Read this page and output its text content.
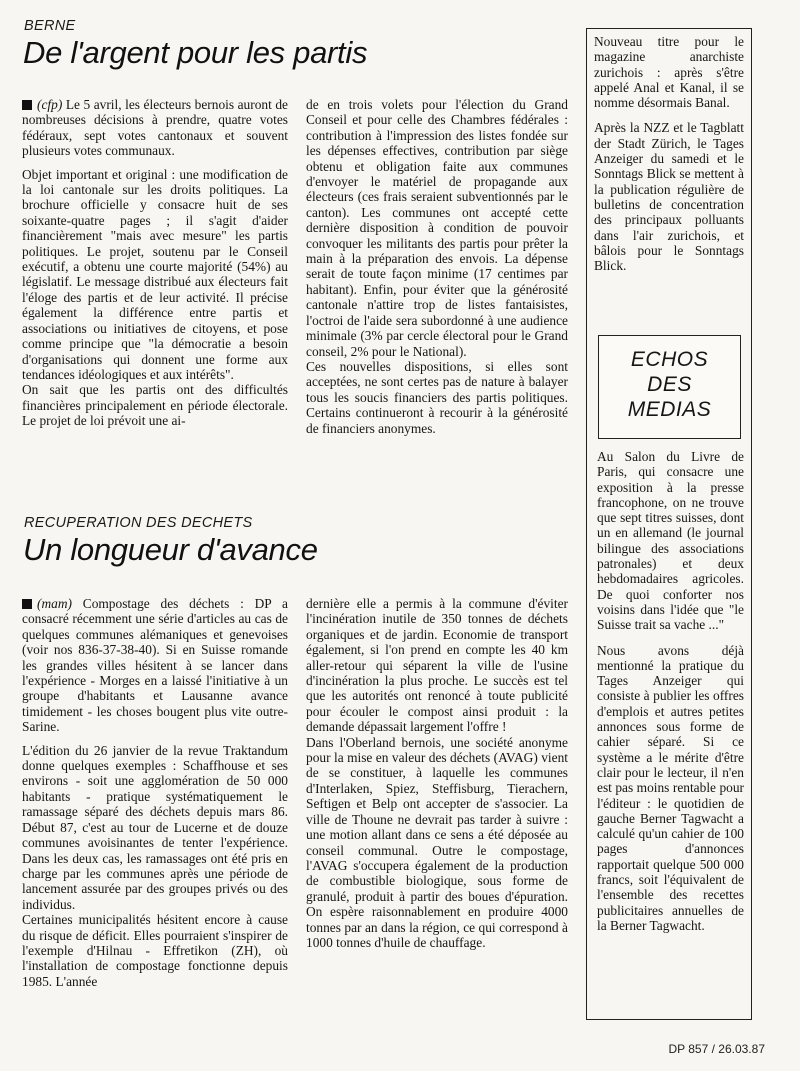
BERNE
De l'argent pour les partis

(cfp) Le 5 avril, les électeurs bernois auront de nombreuses décisions à prendre, quatre votes fédéraux, sept votes cantonaux et souvent plusieurs votes communaux.

Objet important et original : une modification de la loi cantonale sur les droits politiques. La brochure officielle y consacre huit de ses soixante-quatre pages ; il s'agit d'aider financièrement "mais avec mesure" les partis politiques. Le projet, soutenu par le Conseil exécutif, a obtenu une courte majorité (54%) au législatif. Le message distribué aux électeurs fait l'éloge des partis et de leur activité. Il précise également la différence entre partis et associations ou initiatives de citoyens, et pose comme principe que "la démocratie a besoin d'organisations qui donnent une forme aux tendances idéologiques et aux intérêts".

On sait que les partis ont des difficultés financières principalement en période électorale. Le projet de loi prévoit une ai-

de en trois volets pour l'élection du Grand Conseil et pour celle des Chambres fédérales : contribution à l'impression des listes fondée sur les dépenses effectives, contribution par siège obtenu et obligation faite aux communes d'envoyer le matériel de propagande aux électeurs (ces frais seraient subventionnés par le canton). Les communes ont accepté cette dernière disposition à condition de pouvoir convoquer les militants des partis pour prêter la main à la préparation des envois. La dépense serait de toute façon minime (17 centimes par habitant). Enfin, pour éviter que la générosité cantonale n'attire trop de listes fantaisistes, l'octroi de l'aide sera subordonné à une audience minimale (3% par cercle électoral pour le Grand conseil, 2% pour le National).

Ces nouvelles dispositions, si elles sont acceptées, ne sont certes pas de nature à balayer tous les soucis financiers des partis politiques. Certains continueront à recourir à la générosité de financiers anonymes.

RECUPERATION DES DECHETS
Un longueur d'avance

(mam) Compostage des déchets : DP a consacré récemment une série d'articles au cas de quelques communes alémaniques et genevoises (voir nos 836-37-38-40). Si en Suisse romande les grandes villes hésitent à se lancer dans l'expérience - Morges en a laissé l'initiative à un groupe d'habitants et Lausanne avance timidement - les choses bougent plus vite outre-Sarine.

L'édition du 26 janvier de la revue Traktandum donne quelques exemples : Schaffhouse et ses environs - soit une agglomération de 50 000 habitants - pratique systématiquement le ramassage séparé des déchets depuis mars 86. Début 87, c'est au tour de Lucerne et de douze communes avoisinantes de tenter l'expérience. Dans les deux cas, les ramassages ont été pris en charge par les communes après une période de lancement assurée par des groupes privés ou des individus.

Certaines municipalités hésitent encore à cause du risque de déficit. Elles pourraient s'inspirer de l'exemple d'Hilnau - Effretikon (ZH), où l'installation de compostage fonctionne depuis 1985. L'année

dernière elle a permis à la commune d'éviter l'incinération inutile de 350 tonnes de déchets organiques et de jardin. Economie de transport également, si l'on prend en compte les 40 km aller-retour qui séparent la ville de l'usine d'incinération la plus proche. Le succès est tel que les autorités ont renoncé à toute publicité pour écouler le compost ainsi produit : la demande dépassait largement l'offre !

Dans l'Oberland bernois, une société anonyme pour la mise en valeur des déchets (AVAG) vient de se constituer, à laquelle les communes d'Interlaken, Spiez, Steffisburg, Tierachern, Seftigen et Belp ont accepter de s'associer. La ville de Thoune ne devrait pas tarder à suivre : une motion allant dans ce sens a été déposée au conseil communal. Outre le compostage, l'AVAG s'occupera également de la production de combustible biologique, sous forme de granulé, produit à partir des boues d'épuration. On espère raisonnablement en produire 4000 tonnes par an dans la région, ce qui correspond à 1000 tonnes d'huile de chauffage.

Nouveau titre pour le magazine anarchiste zurichois : après s'être appelé Anal et Kanal, il se nomme désormais Banal.

Après la NZZ et le Tagblatt der Stadt Zürich, le Tages Anzeiger du samedi et le Sonntags Blick se mettent à la publication régulière de bulletins de concentration des principaux polluants dans l'air zurichois, et bâlois pour le Sonntags Blick.

ECHOS
DES
MEDIAS

Au Salon du Livre de Paris, qui consacre une exposition à la presse francophone, on ne trouve que sept titres suisses, dont un en allemand (le journal bilingue des associations patronales) et deux hebdomadaires agricoles. De quoi conforter nos voisins dans l'idée que "le Suisse trait sa vache ..."

Nous avons déjà mentionné la pratique du Tages Anzeiger qui consiste à publier les offres d'emplois et autres petites annonces sous forme de cahier séparé. Si ce système a le mérite d'être clair pour le lecteur, il n'en est pas moins rentable pour l'éditeur : le quotidien de gauche Berner Tagwacht a calculé qu'un cahier de 100 pages d'annonces rapportait quelque 500 000 francs, soit l'équivalent de l'ensemble des recettes publicitaires annuelles de la Berner Tagwacht.

DP 857 / 26.03.87
